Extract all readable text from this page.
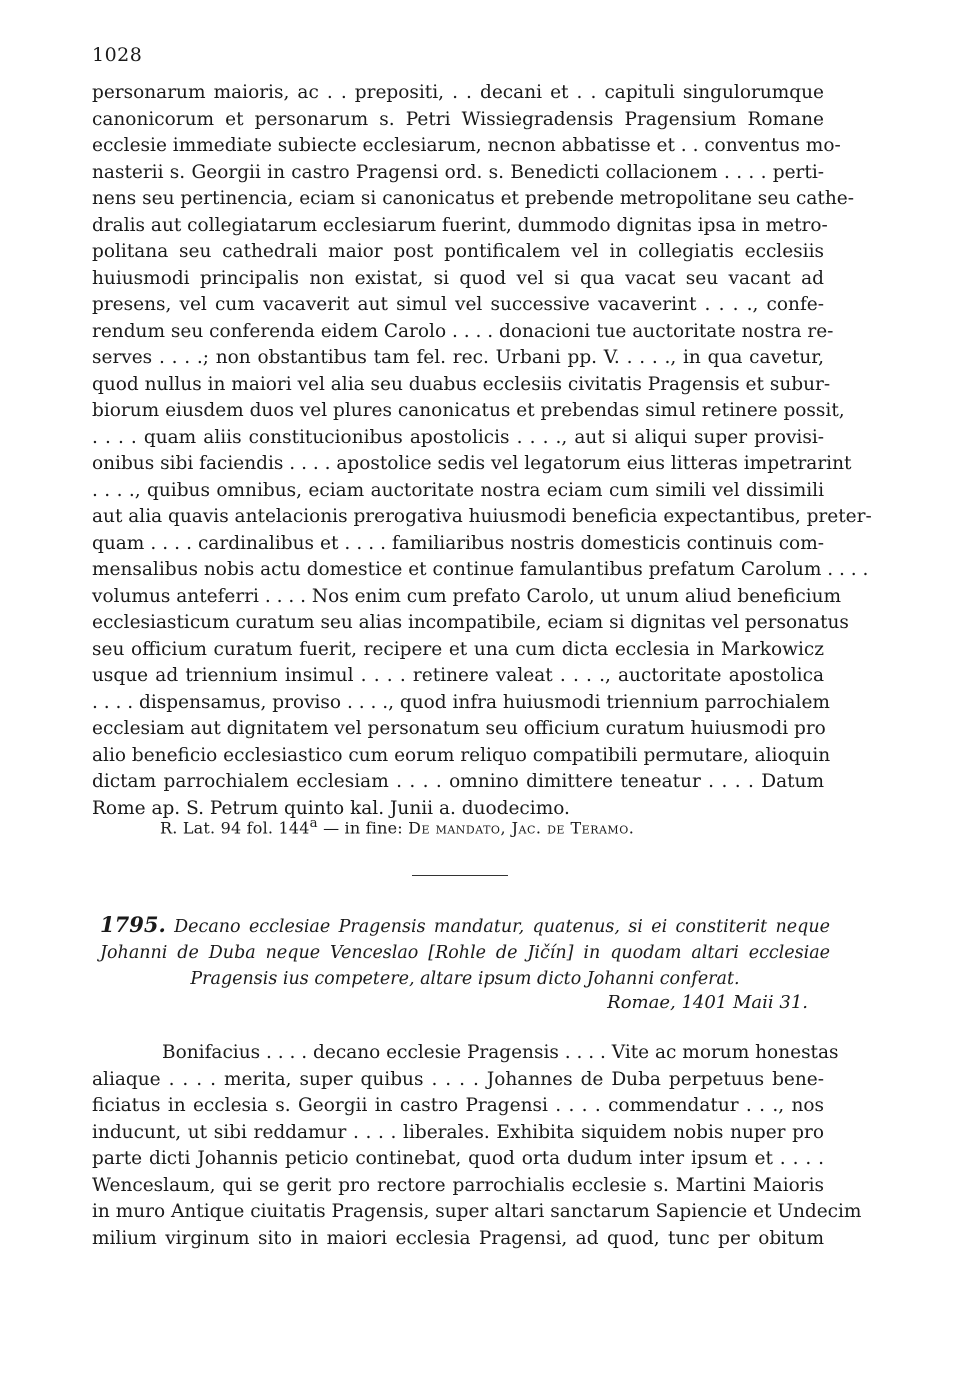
1028
personarum maioris, ac . . prepositi, . . decani et . . capituli singulorumque
canonicorum et personarum s. Petri Wissiegradensis Pragensium Romane
ecclesie immediate subiecte ecclesiarum, necnon abbatisse et . . conventus mo-
nasterii s. Georgii in castro Pragensi ord. s. Benedicti collacionem . . . . perti-
nens seu pertinencia, eciam si canonicatus et prebende metropolitane seu cathe-
dralis aut collegiatarum ecclesiarum fuerint, dummodo dignitas ipsa in metro-
politana seu cathedrali maior post pontificalem vel in collegiatis ecclesiis
huiusmodi principalis non existat, si quod vel si qua vacat seu vacant ad
presens, vel cum vacaverit aut simul vel successive vacaverint . . . ., confe-
rendum seu conferenda eidem Carolo . . . . donacioni tue auctoritate nostra re-
serves . . . .; non obstantibus tam fel. rec. Urbani pp. V. . . . ., in qua cavetur,
quod nullus in maiori vel alia seu duabus ecclesiis civitatis Pragensis et subur-
biorum eiusdem duos vel plures canonicatus et prebendas simul retinere possit,
. . . . quam aliis constitucionibus apostolicis . . . ., aut si aliqui super provisi-
onibus sibi faciendis . . . . apostolice sedis vel legatorum eius litteras impetrarint
. . . ., quibus omnibus, eciam auctoritate nostra eciam cum simili vel dissimili
aut alia quavis antelacionis prerogativa huiusmodi beneficia expectantibus, preter-
quam . . . . cardinalibus et . . . . familiaribus nostris domesticis continuis com-
mensalibus nobis actu domestice et continue famulantibus prefatum Carolum . . . .
volumus anteferri . . . . Nos enim cum prefato Carolo, ut unum aliud beneficium
ecclesiasticum curatum seu alias incompatibile, eciam si dignitas vel personatus
seu officium curatum fuerit, recipere et una cum dicta ecclesia in Markowicz
usque ad triennium insimul . . . . retinere valeat . . . ., auctoritate apostolica
. . . . dispensamus, proviso . . . ., quod infra huiusmodi triennium parrochialem
ecclesiam aut dignitatem vel personatum seu officium curatum huiusmodi pro
alio beneficio ecclesiastico cum eorum reliquo compatibili permutare, alioquin
dictam parrochialem ecclesiam . . . . omnino dimittere teneatur . . . . Datum
Rome ap. S. Petrum quinto kal. Junii a. duodecimo.
R. Lat. 94 fol. 144$^a$ — in fine: De mandato, Jac. de Teramo.
1795. Decano ecclesiae Pragensis mandatur, quatenus, si ei constiterit neque
Johanni de Duba neque Venceslao [Rohle de Jičín] in quodam altari ecclesiae
Pragensis ius competere, altare ipsum dicto Johanni conferat.
Romae, 1401 Maii 31.
Bonifacius . . . . decano ecclesie Pragensis . . . . Vite ac morum honestas
aliaque . . . . merita, super quibus . . . . Johannes de Duba perpetuus bene-
ficiatus in ecclesia s. Georgii in castro Pragensi . . . . commendatur . . ., nos
inducunt, ut sibi reddamur . . . . liberales. Exhibita siquidem nobis nuper pro
parte dicti Johannis peticio continebat, quod orta dudum inter ipsum et . . . .
Wenceslaum, qui se gerit pro rectore parrochialis ecclesie s. Martini Maioris
in muro Antique ciuitatis Pragensis, super altari sanctarum Sapiencie et Undecim
milium virginum sito in maiori ecclesia Pragensi, ad quod, tunc per obitum
